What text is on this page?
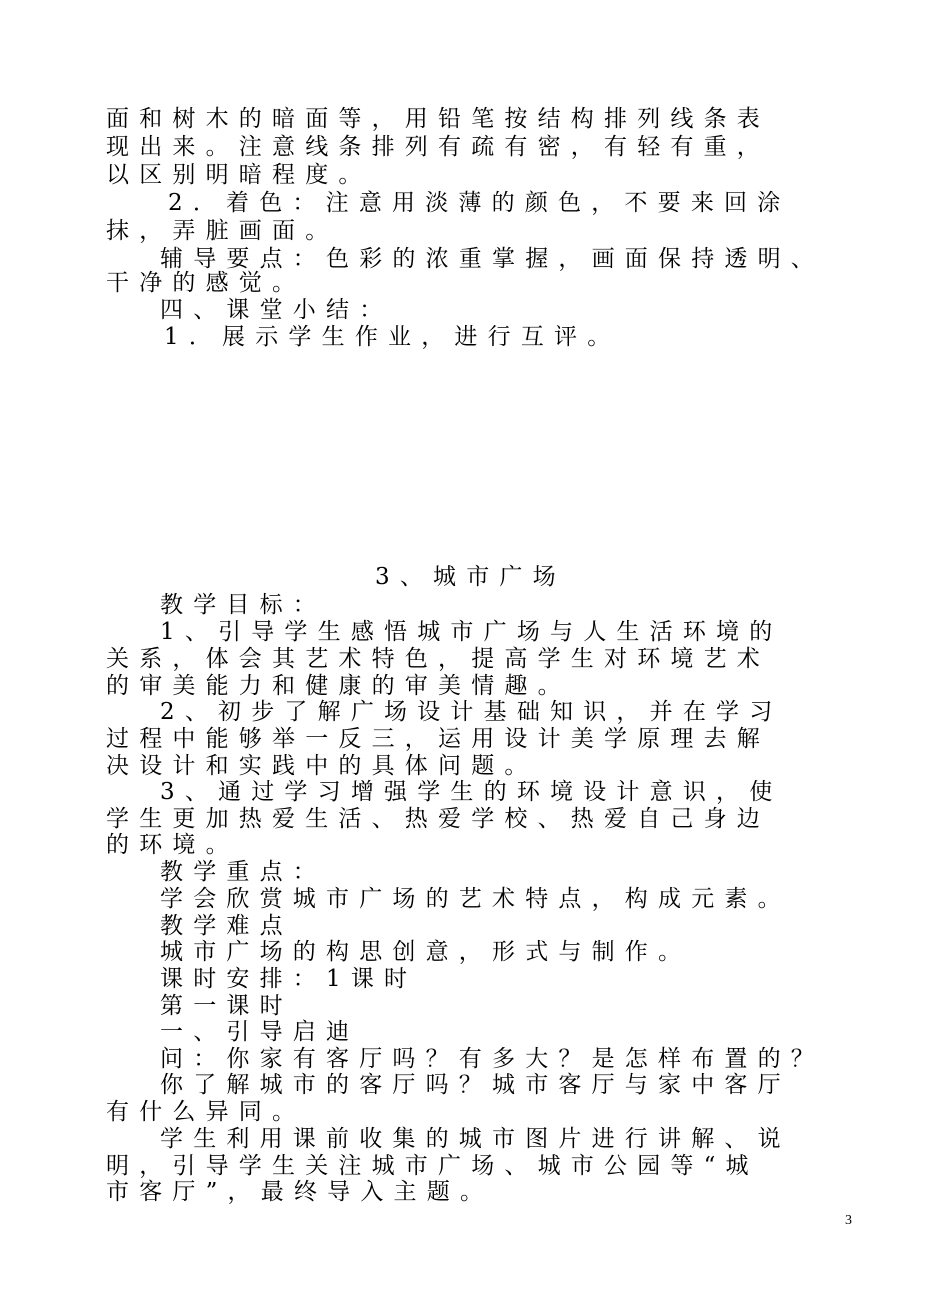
面和树木的暗面等，用铅笔按结构排列线条表
现出来。注意线条排列有疏有密，有轻有重，
以区别明暗程度。
2．着色：注意用淡薄的颜色，不要来回涂
抹，弄脏画面。
辅导要点：色彩的浓重掌握，画面保持透明、
干净的感觉。
四、课堂小结：
1．展示学生作业，进行互评。
3、城市广场
教学目标：
1、引导学生感悟城市广场与人生活环境的
关系，体会其艺术特色，提高学生对环境艺术
的审美能力和健康的审美情趣。
2、初步了解广场设计基础知识，并在学习
过程中能够举一反三，运用设计美学原理去解
决设计和实践中的具体问题。
3、通过学习增强学生的环境设计意识，使
学生更加热爱生活、热爱学校、热爱自己身边
的环境。
教学重点：
学会欣赏城市广场的艺术特点，构成元素。
教学难点
城市广场的构思创意，形式与制作。
课时安排：1课时
第一课时
一、引导启迪
问：你家有客厅吗？有多大？是怎样布置的？
你了解城市的客厅吗？城市客厅与家中客厅
有什么异同。
学生利用课前收集的城市图片进行讲解、说
明，引导学生关注城市广场、城市公园等“城
市客厅”，最终导入主题。
3
